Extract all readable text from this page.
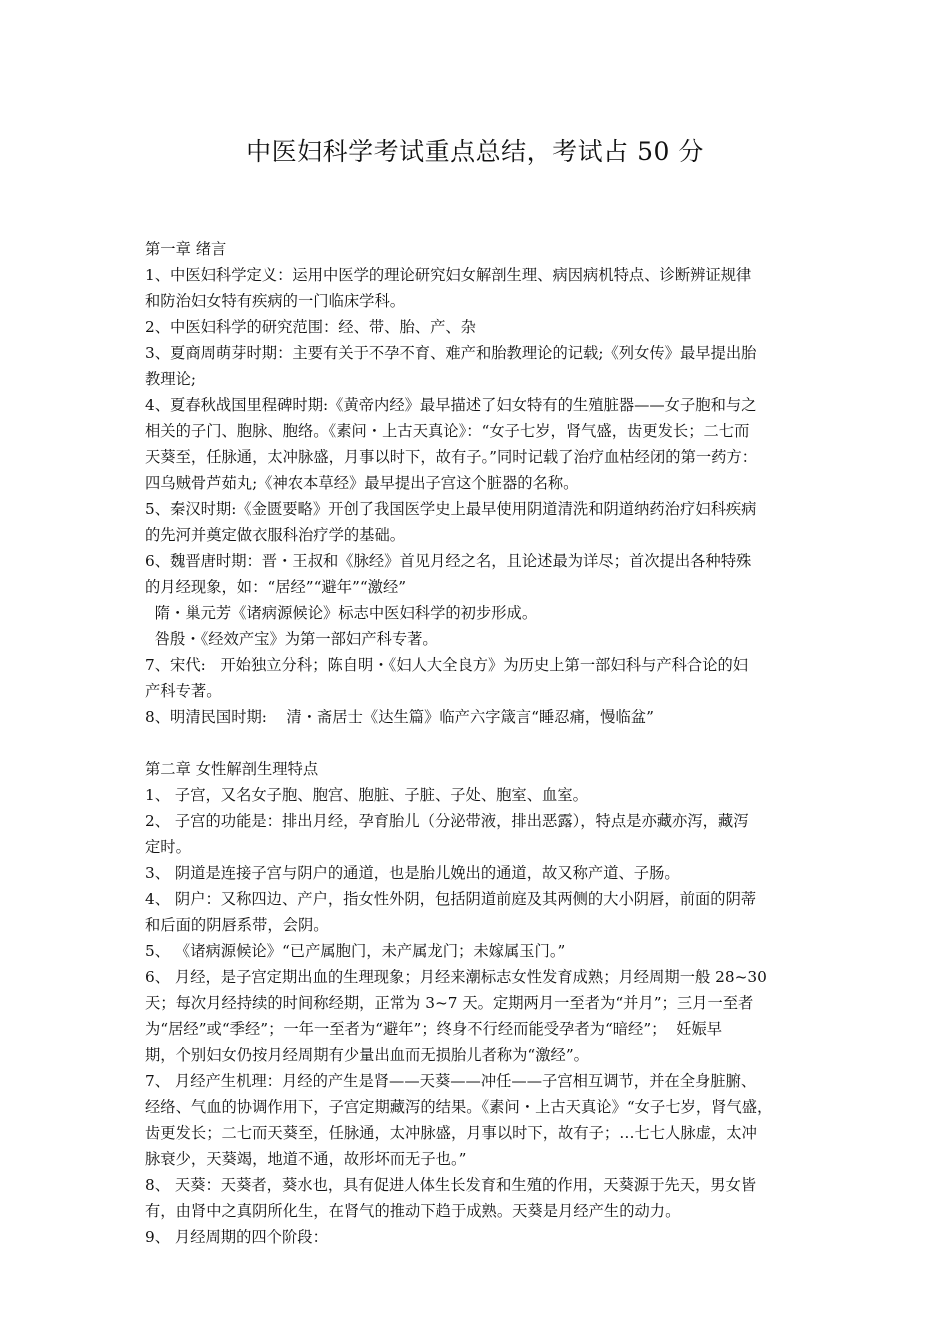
中医妇科学考试重点总结，考试占 50 分

第一章 绪言

1、中医妇科学定义：运用中医学的理论研究妇女解剖生理、病因病机特点、诊断辨证规律

和防治妇女特有疾病的一门临床学科。

2、中医妇科学的研究范围：经、带、胎、产、杂

3、夏商周萌芽时期：主要有关于不孕不育、难产和胎教理论的记载;《列女传》最早提出胎

教理论;

4、夏春秋战国里程碑时期:《黄帝内经》最早描述了妇女特有的生殖脏器——女子胞和与之

相关的子门、胞脉、胞络。《素问・上古天真论》：“女子七岁，肾气盛，齿更发长；二七而

天葵至，任脉通，太冲脉盛，月事以时下，故有子。”同时记载了治疗血枯经闭的第一药方：

四乌贼骨芦茹丸;《神农本草经》最早提出子宫这个脏器的名称。

5、秦汉时期:《金匮要略》开创了我国医学史上最早使用阴道清洗和阴道纳药治疗妇科疾病

的先河并奠定做衣服科治疗学的基础。

6、魏晋唐时期：晋・王叔和《脉经》首见月经之名，且论述最为详尽；首次提出各种特殊

的月经现象，如：“居经”“避年”“激经”

隋・巢元芳《诸病源候论》标志中医妇科学的初步形成。

咎殷・《经效产宝》为第一部妇产科专著。

7、宋代:   开始独立分科；陈自明・《妇人大全良方》为历史上第一部妇科与产科合论的妇

产科专著。

8、明清民国时期:    清・斋居士《达生篇》临产六字箴言“睡忍痛，慢临盆”

第二章 女性解剖生理特点

1、 子宫，又名女子胞、胞宫、胞脏、子脏、子处、胞室、血室。

2、 子宫的功能是：排出月经，孕育胎儿（分泌带液，排出恶露），特点是亦藏亦泻，藏泻

定时。

3、 阴道是连接子宫与阴户的通道，也是胎儿娩出的通道，故又称产道、子肠。

4、 阴户：又称四边、产户，指女性外阴，包括阴道前庭及其两侧的大小阴唇，前面的阴蒂

和后面的阴唇系带，会阴。

5、 《诸病源候论》“已产属胞门，未产属龙门；未嫁属玉门。”

6、 月经，是子宫定期出血的生理现象；月经来潮标志女性发育成熟；月经周期一般 28~30

天；每次月经持续的时间称经期，正常为 3~7 天。定期两月一至者为“并月”；三月一至者

为“居经”或“季经”；一年一至者为“避年”；终身不行经而能受孕者为“暗经”；  妊娠早

期，个别妇女仍按月经周期有少量出血而无损胎儿者称为“激经”。

7、 月经产生机理：月经的产生是肾——天葵——冲任——子宫相互调节，并在全身脏腑、

经络、气血的协调作用下，子宫定期藏泻的结果。《素问・上古天真论》“女子七岁，肾气盛，

齿更发长；二七而天葵至，任脉通，太冲脉盛，月事以时下，故有子；…七七人脉虚，太冲

脉衰少，天葵竭，地道不通，故形坏而无子也。”

8、 天葵：天葵者，葵水也，具有促进人体生长发育和生殖的作用，天葵源于先天，男女皆

有，由肾中之真阴所化生，在肾气的推动下趋于成熟。天葵是月经产生的动力。

9、 月经周期的四个阶段：
